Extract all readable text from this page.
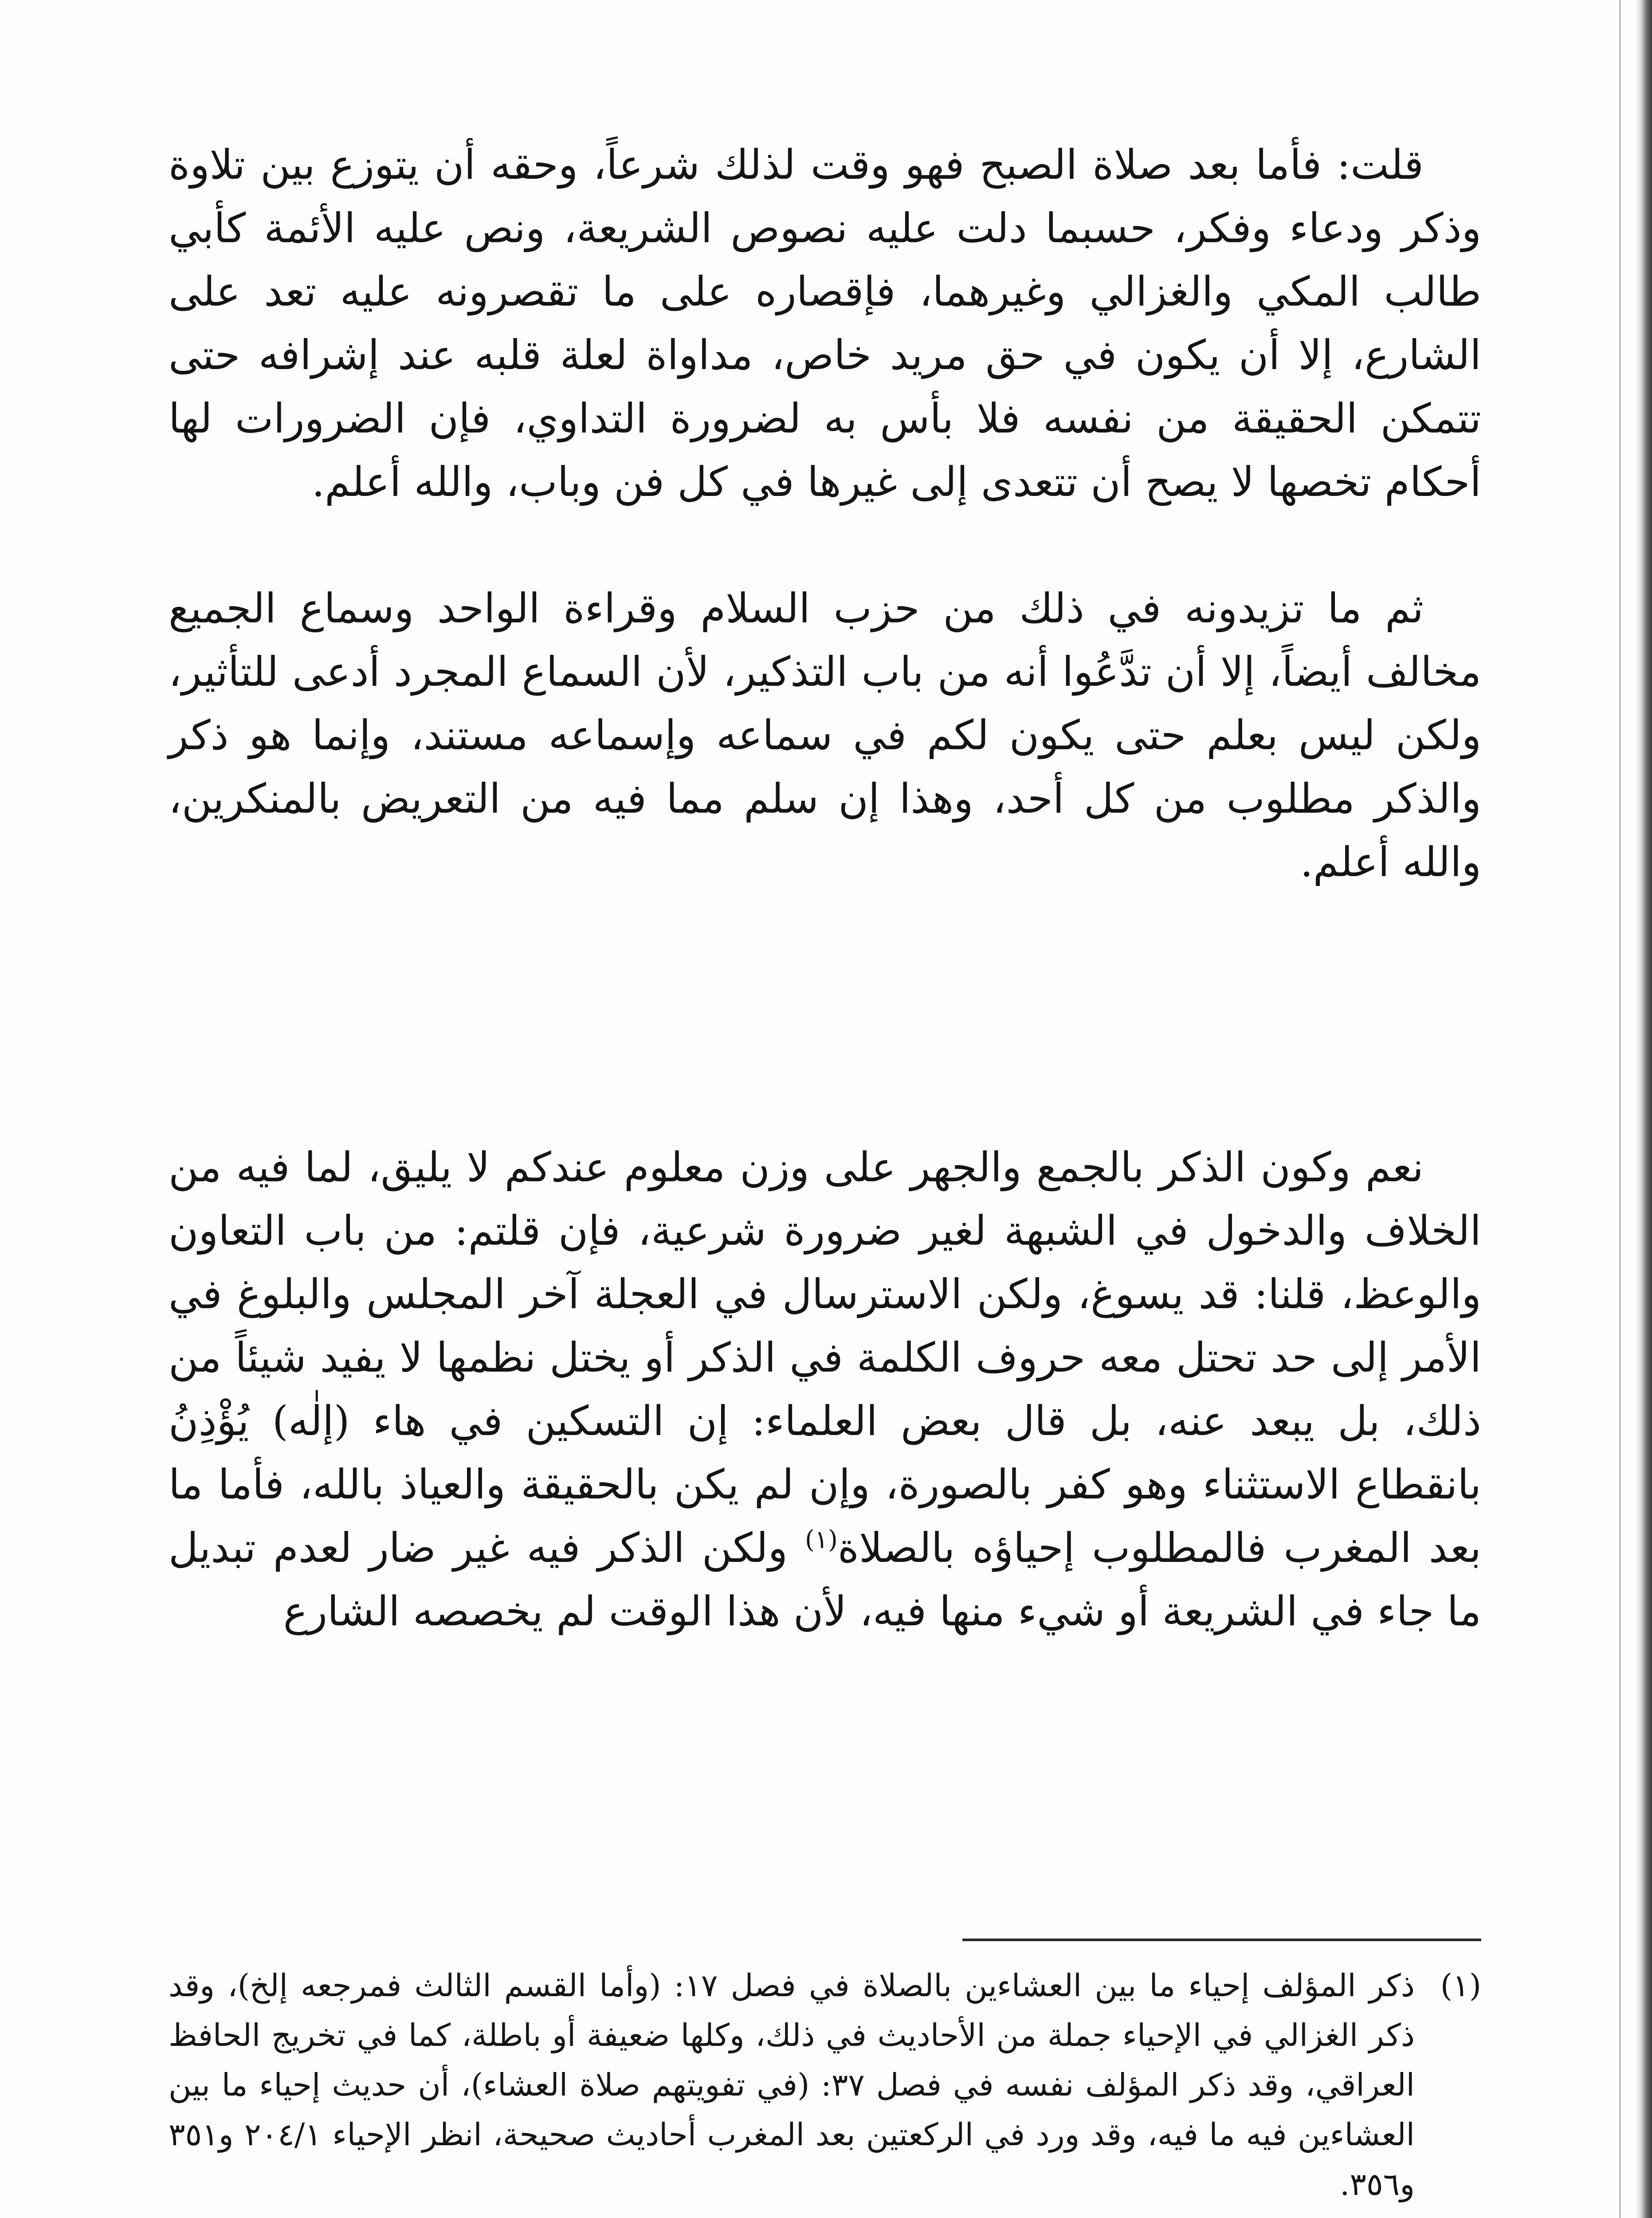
قلت: فأما بعد صلاة الصبح فهو وقت لذلك شرعاً، وحقه أن يتوزع بين تلاوة وذكر ودعاء وفكر، حسبما دلت عليه نصوص الشريعة، ونص عليه الأئمة كأبي طالب المكي والغزالي وغيرهما، فإقصاره على ما تقصرونه عليه تعد على الشارع، إلا أن يكون في حق مريد خاص، مداواة لعلة قلبه عند إشرافه حتى تتمكن الحقيقة من نفسه فلا بأس به لضرورة التداوي، فإن الضرورات لها أحكام تخصها لا يصح أن تتعدى إلى غيرها في كل فن وباب، والله أعلم.

ثم ما تزيدونه في ذلك من حزب السلام وقراءة الواحد وسماع الجميع مخالف أيضاً، إلا أن تدَّعُوا أنه من باب التذكير، لأن السماع المجرد أدعى للتأثير، ولكن ليس بعلم حتى يكون لكم في سماعه وإسماعه مستند، وإنما هو ذكر والذكر مطلوب من كل أحد، وهذا إن سلم مما فيه من التعريض بالمنكرين، والله أعلم.

نعم وكون الذكر بالجمع والجهر على وزن معلوم عندكم لا يليق، لما فيه من الخلاف والدخول في الشبهة لغير ضرورة شرعية، فإن قلتم: من باب التعاون والوعظ، قلنا: قد يسوغ، ولكن الاسترسال في العجلة آخر المجلس والبلوغ في الأمر إلى حد تحتل معه حروف الكلمة في الذكر أو يختل نظمها لا يفيد شيئاً من ذلك، بل يبعد عنه، بل قال بعض العلماء: إن التسكين في هاء (إلٰه) يُؤْذِنُ بانقطاع الاستثناء وهو كفر بالصورة، وإن لم يكن بالحقيقة والعياذ بالله، فأما ما بعد المغرب فالمطلوب إحياؤه بالصلاة$^{(١)}$ ولكن الذكر فيه غير ضار لعدم تبديل ما جاء في الشريعة أو شيء منها فيه، لأن هذا الوقت لم يخصصه الشارع

(١)
ذكر المؤلف إحياء ما بين العشاءين بالصلاة في فصل ١٧: (وأما القسم الثالث فمرجعه إلخ)، وقد ذكر الغزالي في الإحياء جملة من الأحاديث في ذلك، وكلها ضعيفة أو باطلة، كما في تخريج الحافظ العراقي، وقد ذكر المؤلف نفسه في فصل ٣٧: (في تفويتهم صلاة العشاء)، أن حديث إحياء ما بين العشاءين فيه ما فيه، وقد ورد في الركعتين بعد المغرب أحاديث صحيحة، انظر الإحياء ٢٠٤/١ و٣٥١ و٣٥٦.
